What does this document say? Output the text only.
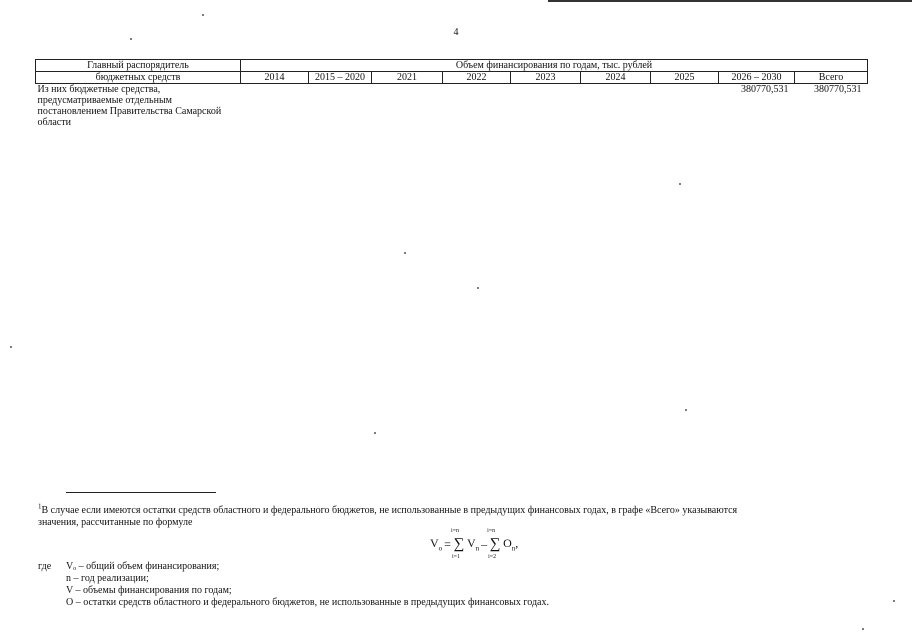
4
Главный распорядитель	Объем финансирования по годам, тыс. рублей								
бюджетных средств	2014	2015 – 2020	2021	2022	2023	2024	2025	2026 – 2030	Всего
Из них бюджетные средства, предусматриваемые отдельным постановлением Правительства Самарской области								380770,531	380770,531
$^1$В случае если имеются остатки средств областного и федерального бюджетов, не использованные в предыдущих финансовых годах, в графе «Всего» указываются
значения, рассчитанные по формуле
$V_o$ = ∑
i=n
i=1
$V_n$ – ∑
i=n
i=2
$O_n$,
где Vₒ – общий объем финансирования;
n – год реализации;
V – объемы финансирования по годам;
O – остатки средств областного и федерального бюджетов, не использованные в предыдущих финансовых годах.
